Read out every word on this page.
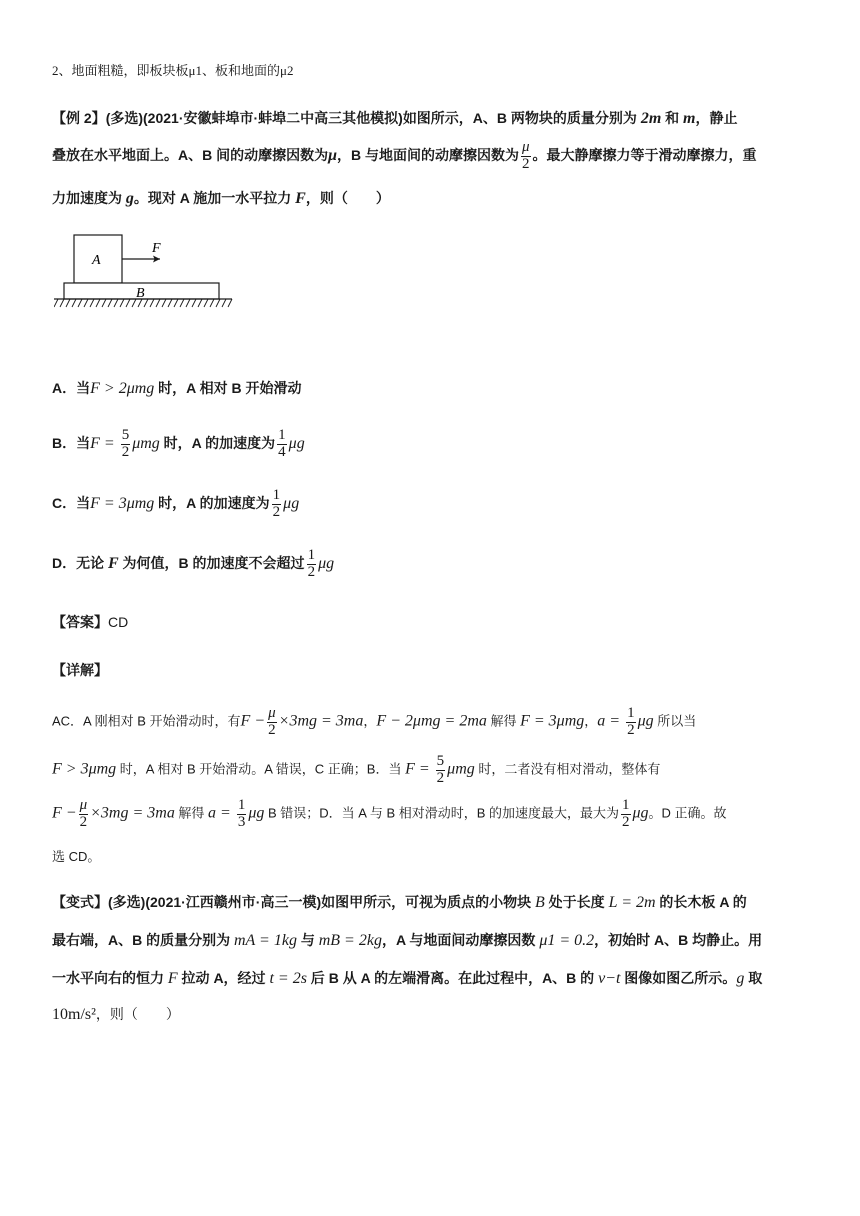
2、地面粗糙，即板块板μ1、板和地面的μ2
【例 2】(多选)(2021·安徽蚌埠市·蚌埠二中高三其他模拟)如图所示，A、B 两物块的质量分别为 2m 和 m，静止
叠放在水平地面上。A、B 间的动摩擦因数为μ，B 与地面间的动摩擦因数为 $\frac{\mu}{2}$ 。最大静摩擦力等于滑动摩擦力，重
力加速度为 g。现对 A 施加一水平拉力 F，则（　　）
A
F
B
A．当F > 2μmg 时，A 相对 B 开始滑动
B．当$F = \frac{5}{2}$ μmg 时，A 的加速度为 $\frac{1}{4}$ μg
C．当F = 3μmg 时，A 的加速度为 $\frac{1}{2}$ μg
D．无论 F 为何值，B 的加速度不会超过 $\frac{1}{2}$ μg
【答案】CD
【详解】
AC．A 刚相对 B 开始滑动时，有$F - \frac{\mu}{2} \times 3mg = 3ma$，F − 2μmg = 2ma 解得 F = 3μmg，$a = \frac{1}{2}$ μg 所以当
F > 3μmg 时，A 相对 B 开始滑动。A 错误，C 正确；B．当 $F = \frac{5}{2}$ μmg 时，二者没有相对滑动，整体有
$F - \frac{\mu}{2} \times 3mg = 3ma$ 解得 $a = \frac{1}{3}$ μg B 错误；D．当 A 与 B 相对滑动时，B 的加速度最大，最大为 $\frac{1}{2}$ μg。D 正确。故
选 CD。
【变式】(多选)(2021·江西赣州市·高三一模)如图甲所示，可视为质点的小物块 B 处于长度 L = 2m 的长木板 A 的
最右端，A、B 的质量分别为 mA = 1kg 与 mB = 2kg，A 与地面间动摩擦因数 μ1 = 0.2，初始时 A、B 均静止。用
一水平向右的恒力 F 拉动 A，经过 t = 2s 后 B 从 A 的左端滑离。在此过程中，A、B 的 v−t 图像如图乙所示。g 取
10m/s²，则（　　）
